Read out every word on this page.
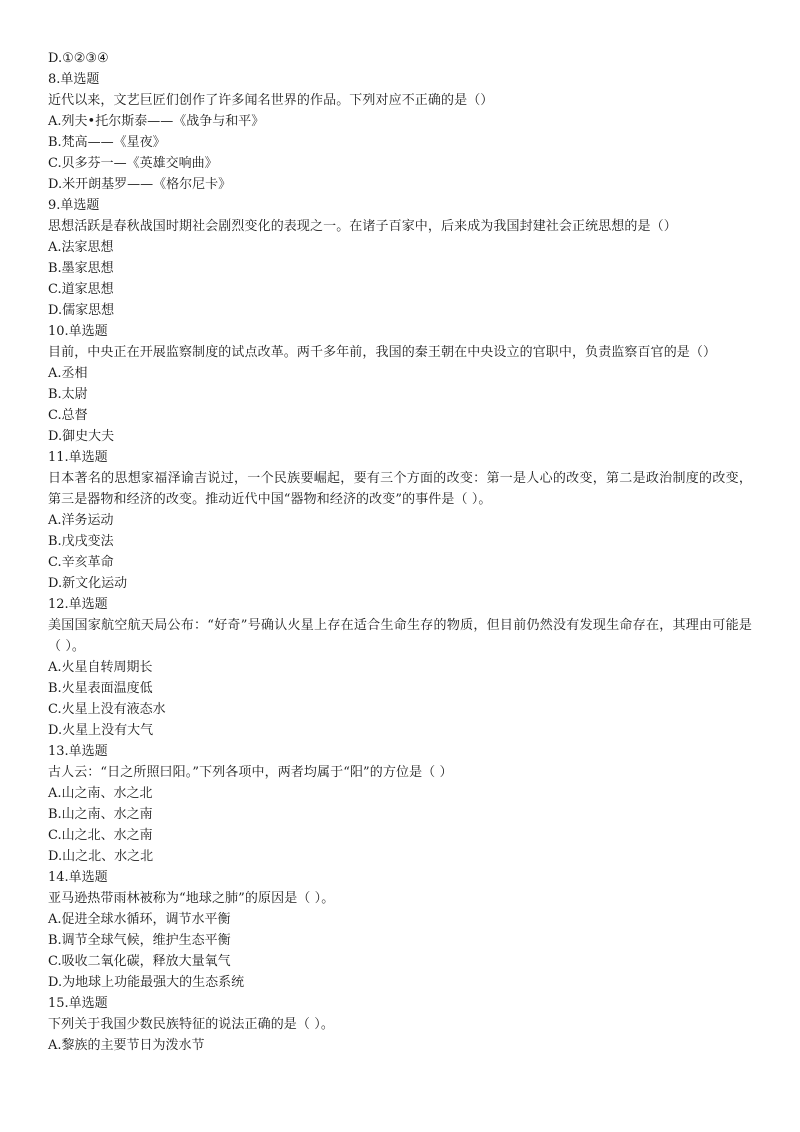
D.①②③④
8.单选题
近代以来，文艺巨匠们创作了许多闻名世界的作品。下列对应不正确的是（）
A.列夫•托尔斯泰——《战争与和平》
B.梵高——《星夜》
C.贝多芬一—《英雄交响曲》
D.米开朗基罗——《格尔尼卡》
9.单选题
思想活跃是春秋战国时期社会剧烈变化的表现之一。在诸子百家中，后来成为我国封建社会正统思想的是（）
A.法家思想
B.墨家思想
C.道家思想
D.儒家思想
10.单选题
目前，中央正在开展监察制度的试点改革。两千多年前，我国的秦王朝在中央设立的官职中，负责监察百官的是（）
A.丞相
B.太尉
C.总督
D.御史大夫
11.单选题
日本著名的思想家福泽谕吉说过，一个民族要崛起，要有三个方面的改变：第一是人心的改变，第二是政治制度的改变，第三是器物和经济的改变。推动近代中国“器物和经济的改变”的事件是（ ）。
A.洋务运动
B.戊戌变法
C.辛亥革命
D.新文化运动
12.单选题
美国国家航空航天局公布：“好奇”号确认火星上存在适合生命生存的物质，但目前仍然没有发现生命存在，其理由可能是（ ）。
A.火星自转周期长
B.火星表面温度低
C.火星上没有液态水
D.火星上没有大气
13.单选题
古人云：“日之所照曰阳。”下列各项中，两者均属于“阳”的方位是（ ）
A.山之南、水之北
B.山之南、水之南
C.山之北、水之南
D.山之北、水之北
14.单选题
亚马逊热带雨林被称为“地球之肺”的原因是（ ）。
A.促进全球水循环，调节水平衡
B.调节全球气候，维护生态平衡
C.吸收二氧化碳，释放大量氧气
D.为地球上功能最强大的生态系统
15.单选题
下列关于我国少数民族特征的说法正确的是（ ）。
A.黎族的主要节日为泼水节
